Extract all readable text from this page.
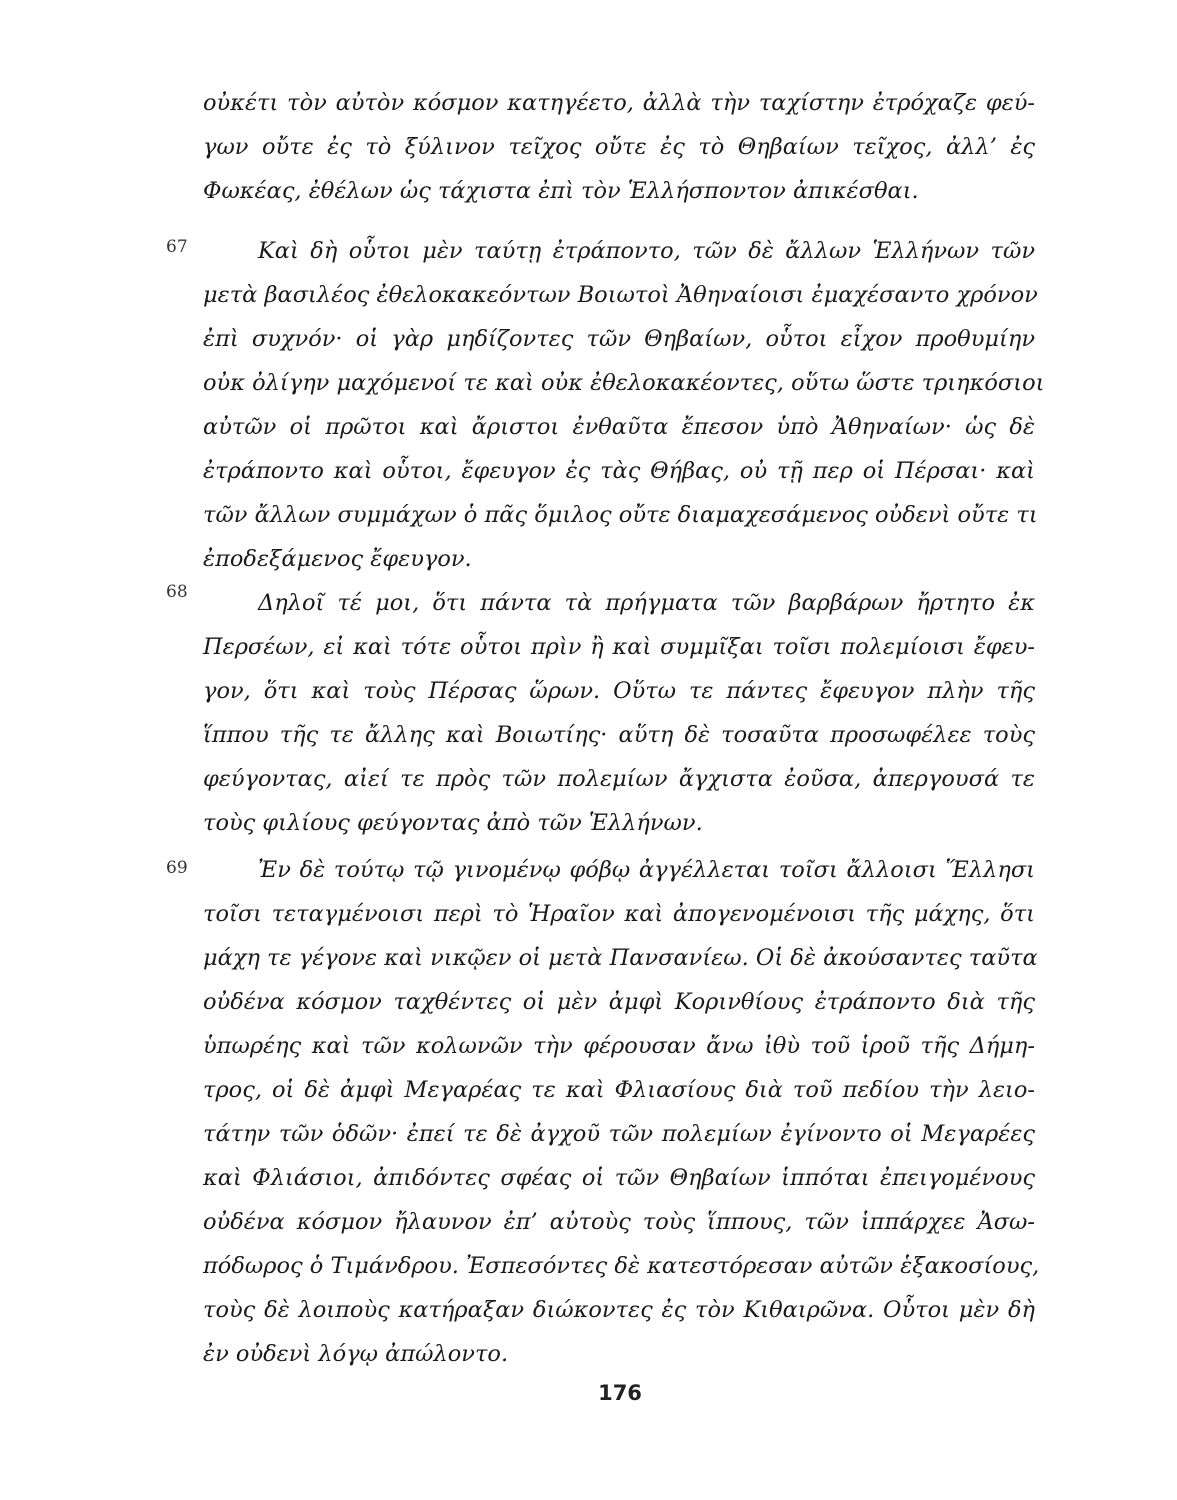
οὐκέτι τὸν αὐτὸν κόσμον κατηγέετο, ἀλλὰ τὴν ταχίστην ἐτρόχαζε φεύ-

γων οὔτε ἐς τὸ ξύλινον τεῖχος οὔτε ἐς τὸ Θηβαίων τεῖχος, ἀλλ’ ἐς

Φωκέας, ἐθέλων ὡς τάχιστα ἐπὶ τὸν Ἑλλήσποντον ἀπικέσθαι.

67	Καὶ δὴ οὗτοι μὲν ταύτῃ ἐτράποντο, τῶν δὲ ἄλλων Ἑλλήνων τῶν

μετὰ βασιλέος ἐθελοκακεόντων Βοιωτοὶ Ἀθηναίοισι ἐμαχέσαντο χρόνον

ἐπὶ συχνόν· οἱ γὰρ μηδίζοντες τῶν Θηβαίων, οὗτοι εἶχον προθυμίην

οὐκ ὀλίγην μαχόμενοί τε καὶ οὐκ ἐθελοκακέοντες, οὕτω ὥστε τριηκόσιοι

αὐτῶν οἱ πρῶτοι καὶ ἄριστοι ἐνθαῦτα ἔπεσον ὑπὸ Ἀθηναίων· ὡς δὲ

ἐτράποντο καὶ οὗτοι, ἔφευγον ἐς τὰς Θήβας, οὐ τῇ περ οἱ Πέρσαι· καὶ

τῶν ἄλλων συμμάχων ὁ πᾶς ὅμιλος οὔτε διαμαχεσάμενος οὐδενὶ οὔτε τι

ἐποδεξάμενος ἔφευγον.

68	Δηλοῖ τέ μοι, ὅτι πάντα τὰ πρήγματα τῶν βαρβάρων ἤρτητο ἐκ

Περσέων, εἰ καὶ τότε οὗτοι πρὶν ἢ καὶ συμμῖξαι τοῖσι πολεμίοισι ἔφευ-

γον, ὅτι καὶ τοὺς Πέρσας ὥρων. Οὕτω τε πάντες ἔφευγον πλὴν τῆς

ἵππου τῆς τε ἄλλης καὶ Βοιωτίης· αὕτη δὲ τοσαῦτα προσωφέλεε τοὺς

φεύγοντας, αἰεί τε πρὸς τῶν πολεμίων ἄγχιστα ἐοῦσα, ἀπεργουσά τε

τοὺς φιλίους φεύγοντας ἀπὸ τῶν Ἑλλήνων.

69	Ἐν δὲ τούτῳ τῷ γινομένῳ φόβῳ ἀγγέλλεται τοῖσι ἄλλοισι Ἕλλησι

τοῖσι τεταγμένοισι περὶ τὸ Ἡραῖον καὶ ἀπογενομένοισι τῆς μάχης, ὅτι

μάχη τε γέγονε καὶ νικῷεν οἱ μετὰ Πανσανίεω. Οἱ δὲ ἀκούσαντες ταῦτα

οὐδένα κόσμον ταχθέντες οἱ μὲν ἀμφὶ Κορινθίους ἐτράποντο διὰ τῆς

ὑπωρέης καὶ τῶν κολωνῶν τὴν φέρουσαν ἄνω ἰθὺ τοῦ ἱροῦ τῆς Δήμη-

τρος, οἱ δὲ ἀμφὶ Μεγαρέας τε καὶ Φλιασίους διὰ τοῦ πεδίου τὴν λειο-

τάτην τῶν ὁδῶν· ἐπεί τε δὲ ἀγχοῦ τῶν πολεμίων ἐγίνοντο οἱ Μεγαρέες

καὶ Φλιάσιοι, ἀπιδόντες σφέας οἱ τῶν Θηβαίων ἱππόται ἐπειγομένους

οὐδένα κόσμον ἤλαυνον ἐπ’ αὐτοὺς τοὺς ἵππους, τῶν ἱππάρχεε Ἀσω-

πόδωρος ὁ Τιμάνδρου. Ἐσπεσόντες δὲ κατεστόρεσαν αὐτῶν ἑξακοσίους,

τοὺς δὲ λοιποὺς κατήραξαν διώκοντες ἐς τὸν Κιθαιρῶνα. Οὗτοι μὲν δὴ

ἐν οὐδενὶ λόγῳ ἀπώλοντο.

176
